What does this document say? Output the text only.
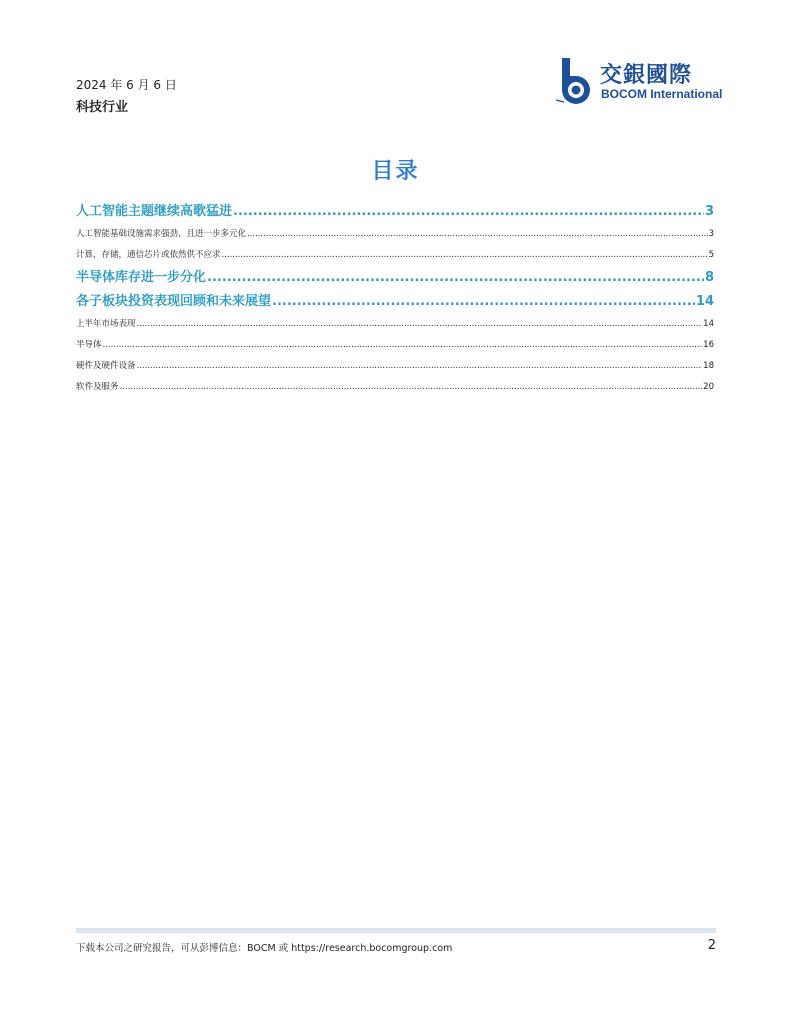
2024 年 6 月 6 日
科技行业
交銀國際
BOCOM International
目录
人工智能主题继续高歌猛进 .....	3
人工智能基础设施需求强劲，且进一步多元化 .....	3
计算，存储，通信芯片或依然供不应求 .....	5
半导体库存进一步分化 .....	8
各子板块投资表现回顾和未来展望 .....	14
上半年市场表现 .....	14
半导体 .....	16
硬件及硬件设备 .....	18
软件及服务 .....	20
下载本公司之研究报告，可从彭博信息：BOCM 或 https://research.bocomgroup.com	2
